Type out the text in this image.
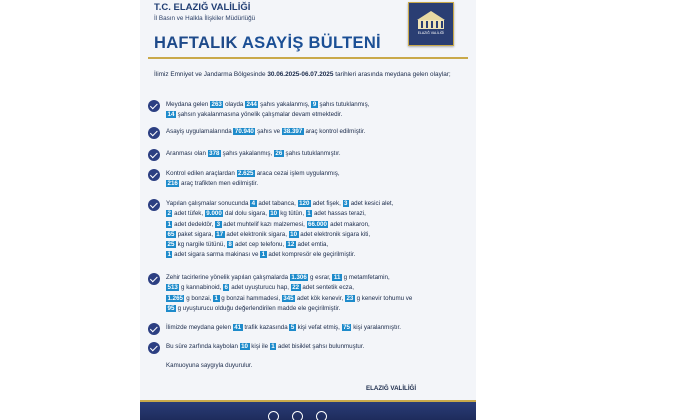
T.C. ELAZIĞ VALİLİĞİ
İl Basın ve Halkla İlişkiler Müdürlüğü
HAFTALIK ASAYİŞ BÜLTENİ
ELAZIĞ VALİLİĞİ
İlimiz Emniyet ve Jandarma Bölgesinde 30.06.2025-06.07.2025 tarihleri arasında meydana gelen olaylar;
Meydana gelen 263 olayda 244 şahıs yakalanmış, 9 şahıs tutuklanmış,
14 şahsın yakalanmasına yönelik çalışmalar devam etmektedir.
Asayiş uygulamalarında 70.940 şahıs ve 38.397 araç kontrol edilmiştir.
Aranması olan 378 şahıs yakalanmış, 26 şahıs tutuklanmıştır.
Kontrol edilen araçlardan 2.625 araca cezai işlem uygulanmış,
216 araç trafikten men edilmiştir.
Yapılan çalışmalar sonucunda 4 adet tabanca, 120 adet fişek, 3 adet kesici alet,
2 adet tüfek, 9.000 dal dolu sigara, 10 kg tütün, 1 adet hassas terazi,
1 adet dedektör, 3 adet muhtelif kazı malzemesi, 66.000 adet makaron,
65 paket sigara, 17 adet elektronik sigara, 10 adet elektronik sigara kiti,
25 kg nargile tütünü, 8 adet cep telefonu, 12 adet emtia,
1 adet sigara sarma makinası ve 1 adet kompresör ele geçirilmiştir.
Zehir tacirlerine yönelik yapılan çalışmalarda 1.306 g esrar, 11 g metamfetamin,
513 g kannabinoid, 6 adet uyuşturucu hap, 22 adet sentetik ecza,
1.265 g bonzai, 1 g bonzai hammadesi, 345 adet kök kenevir, 23 g kenevir tohumu ve
95 g uyuşturucu olduğu değerlendirilen madde ele geçirilmiştir.
İlimizde meydana gelen 41 trafik kazasında 5 kişi vefat etmiş, 75 kişi yaralanmıştır.
Bu süre zarfında kaybolan 10 kişi ile 1 adet bisiklet şahsı bulunmuştur.
Kamuoyuna saygıyla duyurulur.
ELAZIĞ VALİLİĞİ
